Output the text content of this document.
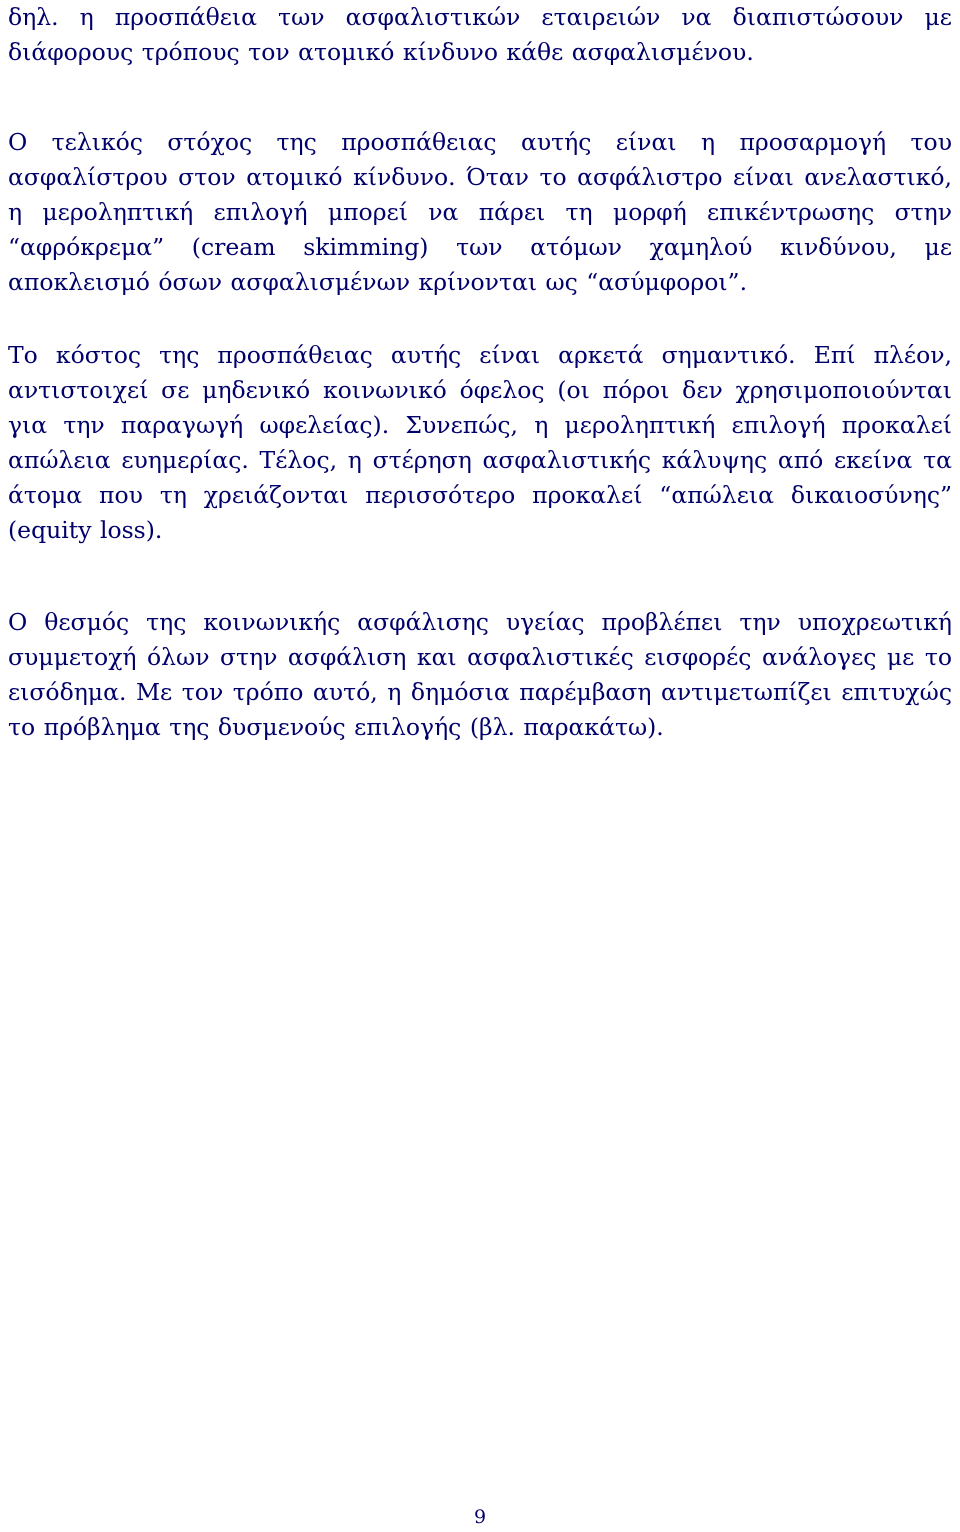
δηλ. η προσπάθεια των ασφαλιστικών εταιρειών να διαπιστώσουν με διάφορους τρόπους τον ατομικό κίνδυνο κάθε ασφαλισμένου.

Ο τελικός στόχος της προσπάθειας αυτής είναι η προσαρμογή του ασφαλίστρου στον ατομικό κίνδυνο. Όταν το ασφάλιστρο είναι ανελαστικό, η μεροληπτική επιλογή μπορεί να πάρει τη μορφή επικέντρωσης στην “αφρόκρεμα” (cream skimming) των ατόμων χαμηλού κινδύνου, με αποκλεισμό όσων ασφαλισμένων κρίνονται ως “ασύμφοροι”.

Το κόστος της προσπάθειας αυτής είναι αρκετά σημαντικό. Επί πλέον, αντιστοιχεί σε μηδενικό κοινωνικό όφελος (οι πόροι δεν χρησιμοποιούνται για την παραγωγή ωφελείας). Συνεπώς, η μεροληπτική επιλογή προκαλεί απώλεια ευημερίας. Τέλος, η στέρηση ασφαλιστικής κάλυψης από εκείνα τα άτομα που τη χρειάζονται περισσότερο προκαλεί “απώλεια δικαιοσύνης” (equity loss).

Ο θεσμός της κοινωνικής ασφάλισης υγείας προβλέπει την υποχρεωτική συμμετοχή όλων στην ασφάλιση και ασφαλιστικές εισφορές ανάλογες με το εισόδημα. Με τον τρόπο αυτό, η δημόσια παρέμβαση αντιμετωπίζει επιτυχώς το πρόβλημα της δυσμενούς επιλογής (βλ. παρακάτω).

9
